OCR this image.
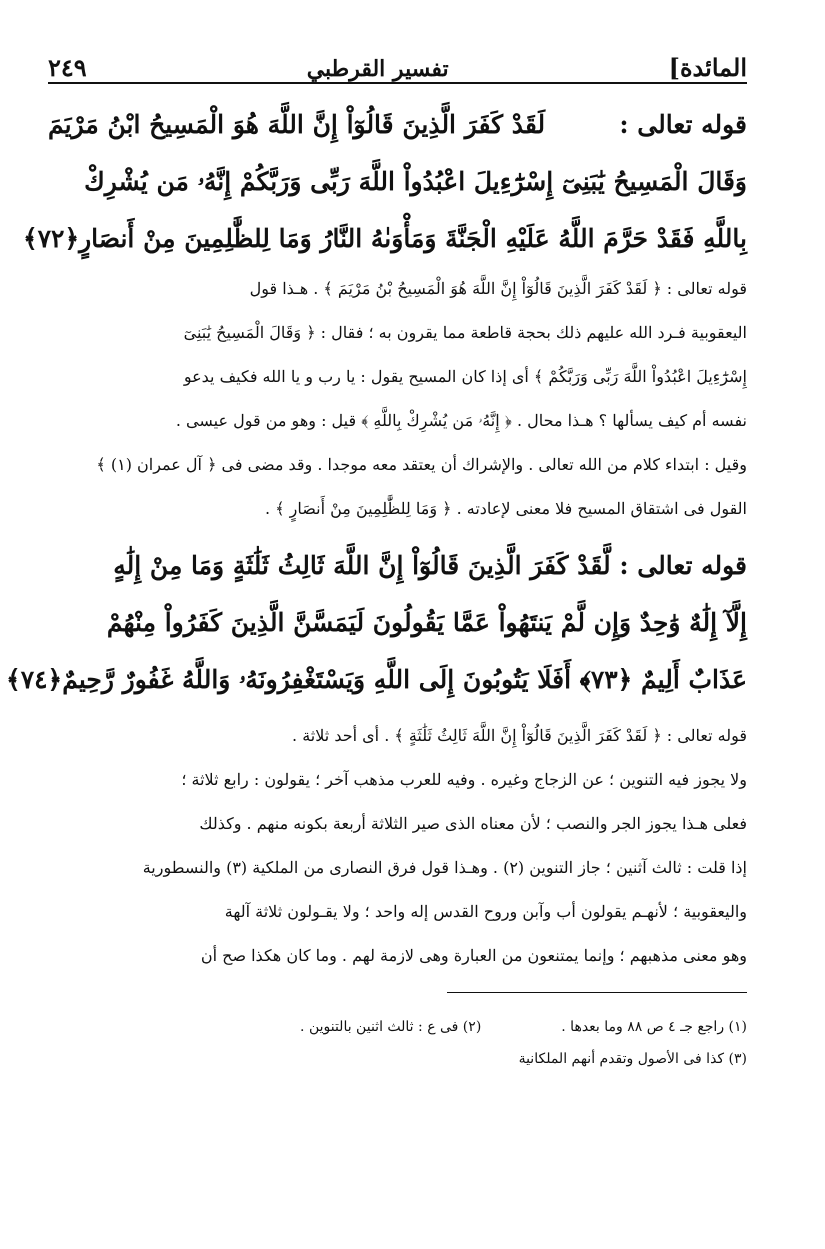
المائدة]
تفسير القرطبي
٢٤٩
قوله تعالى :
لَقَدْ كَفَرَ الَّذِينَ قَالُوٓاْ إِنَّ اللَّهَ هُوَ الْمَسِيحُ ابْنُ مَرْيَمَ
وَقَالَ الْمَسِيحُ يَٰبَنِىٓ إِسْرَٰٓءِيلَ اعْبُدُواْ اللَّهَ رَبِّى وَرَبَّكُمْ إِنَّهُۥ مَن يُشْرِكْ
بِاللَّهِ فَقَدْ حَرَّمَ اللَّهُ عَلَيْهِ الْجَنَّةَ وَمَأْوَىٰهُ النَّارُ وَمَا لِلظَّٰلِمِينَ مِنْ أَنصَارٍ
﴿٧٢﴾
قوله تعالى : ﴿ لَقَدْ كَفَرَ الَّذِينَ قَالُوٓاْ إِنَّ اللَّهَ هُوَ الْمَسِيحُ بْنُ مَرْيَمَ ﴾ . هـذا قول
اليعقوبية فـرد الله عليهم ذلك بحجة قاطعة مما يقرون به ؛ فقال : ﴿ وَقَالَ الْمَسِيحُ يَٰبَنِىٓ
إِسْرَٰٓءِيلَ اعْبُدُواْ اللَّهَ رَبِّى وَرَبَّكُمْ ﴾ أى إذا كان المسيح يقول : يا رب و يا الله فكيف يدعو
نفسه أم كيف يسألها ؟ هـذا محال . ﴿ إِنَّهُۥ مَن يُشْرِكْ بِاللَّهِ ﴾ قيل : وهو من قول عيسى .
وقيل : ابتداء كلام من الله تعالى . والإشراك أن يعتقد معه موجدا . وقد مضى فى ﴿ آل عمران (١) ﴾
القول فى اشتقاق المسيح فلا معنى لإعادته . ﴿ وَمَا لِلظَّٰلِمِينَ مِنْ أَنصَارٍ ﴾ .
قوله تعالى : لَّقَدْ كَفَرَ الَّذِينَ قَالُوٓاْ إِنَّ اللَّهَ ثَالِثُ ثَلَٰثَةٍ وَمَا مِنْ إِلَٰهٍ
إِلَّآ إِلَٰهٌ وَٰحِدٌ وَإِن لَّمْ يَنتَهُواْ عَمَّا يَقُولُونَ لَيَمَسَّنَّ الَّذِينَ كَفَرُواْ مِنْهُمْ
عَذَابٌ أَلِيمٌ ﴿٧٣﴾ أَفَلَا يَتُوبُونَ إِلَى اللَّهِ وَيَسْتَغْفِرُونَهُۥ وَاللَّهُ غَفُورٌ رَّحِيمٌ
﴿٧٤﴾
قوله تعالى : ﴿ لَقَدْ كَفَرَ الَّذِينَ قَالُوٓاْ إِنَّ اللَّهَ ثَالِثُ ثَلَٰثَةٍ ﴾ . أى أحد ثلاثة .
ولا يجوز فيه التنوين ؛ عن الزجاج وغيره . وفيه للعرب مذهب آخر ؛ يقولون : رابع ثلاثة ؛
فعلى هـذا يجوز الجر والنصب ؛ لأن معناه الذى صير الثلاثة أربعة بكونه منهم . وكذلك
إذا قلت : ثالث آثنين ؛ جاز التنوين (٢) . وهـذا قول فرق النصارى من الملكية (٣) والنسطورية
واليعقوبية ؛ لأنهـم يقولون أب وآبن وروح القدس إله واحد ؛ ولا يقـولون ثلاثة آلهة
وهو معنى مذهبهم ؛ وإنما يمتنعون من العبارة وهى لازمة لهم . وما كان هكذا صح أن
(١) راجع جـ ٤ ص ٨٨ وما بعدها .
(٢) فى ع : ثالث اثنين بالتنوين .
(٣) كذا فى الأصول وتقدم أنهم الملكانية
